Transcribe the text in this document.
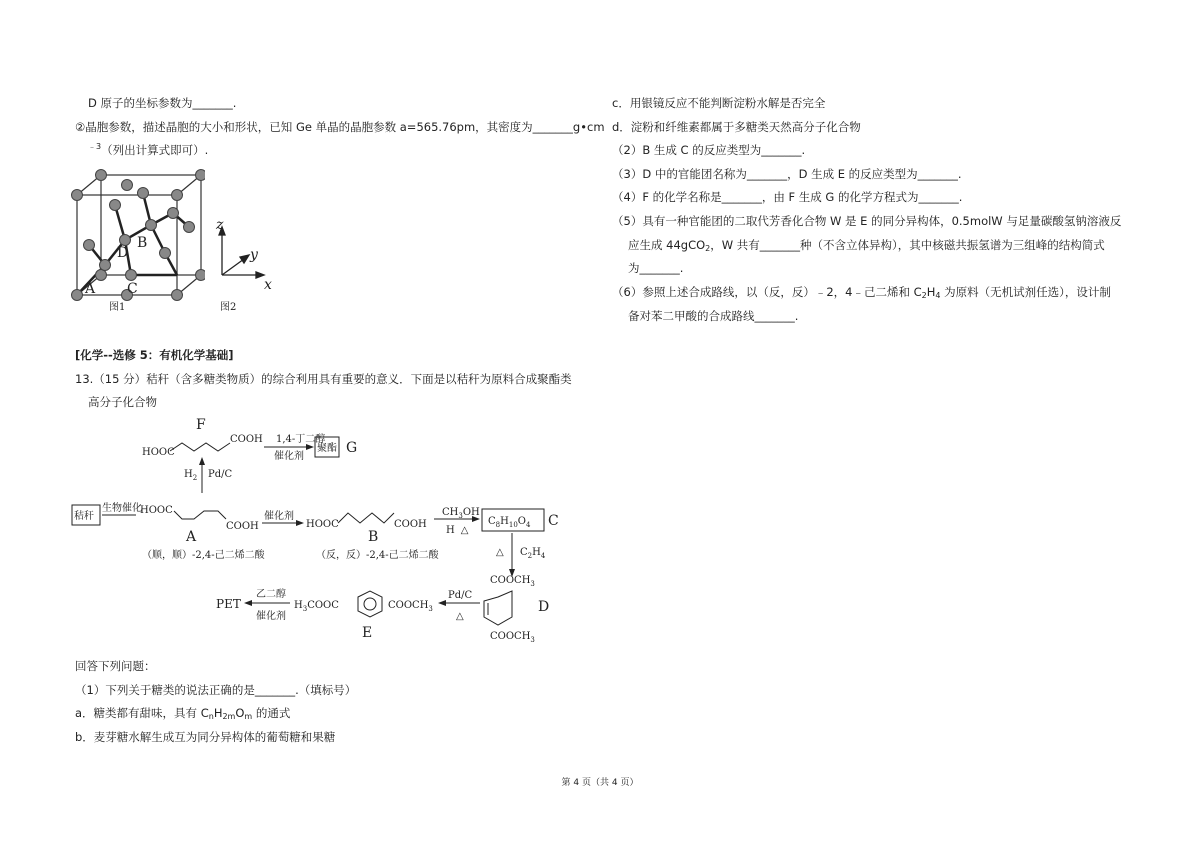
D 原子的坐标参数为_______.
②晶胞参数，描述晶胞的大小和形状，已知 Ge 单晶的晶胞参数 a=565.76pm，其密度为_______g•cm
$^{﹣3}$（列出计算式即可）.
B
D
A C
图1
z
y
x
图2
[化学--选修 5：有机化学基础]
13.（15 分）秸秆（含多糖类物质）的综合利用具有重要的意义．下面是以秸秆为原料合成聚酯类
高分子化合物
F
HOOC
COOH 1,4-丁二醇
催化剂
聚酯 G
$H_2$ Pd/C
秸秆
生物催化
HOOC
COOH
催化剂
HOOC	COOH
$CH_3OH$
H △
$C_8H_{10}O_4$ C
A
（顺，顺）-2,4-己二烯二酸
B
（反，反）-2,4-己二烯二酸	△ $C_2H_4$
$COOCH_3$
$COOCH_3$
D
Pd/C
△
$H_3COOC$	$COOCH_3$
E
乙二醇
催化剂
PET
回答下列问题：
（1）下列关于糖类的说法正确的是_______.（填标号）
a．糖类都有甜味，具有 $C_nH_{2m}O_m$ 的通式
b．麦芽糖水解生成互为同分异构体的葡萄糖和果糖
c．用银镜反应不能判断淀粉水解是否完全
d．淀粉和纤维素都属于多糖类天然高分子化合物
（2）B 生成 C 的反应类型为_______.
（3）D 中的官能团名称为_______，D 生成 E 的反应类型为_______.
（4）F 的化学名称是_______，由 F 生成 G 的化学方程式为_______.
（5）具有一种官能团的二取代芳香化合物 W 是 E 的同分异构体，0.5molW 与足量碳酸氢钠溶液反
应生成 44gCO$_2$，W 共有_______种（不含立体异构），其中核磁共振氢谱为三组峰的结构简式
为_______.
（6）参照上述合成路线，以（反，反）﹣2，4﹣己二烯和 $C_2H_4$ 为原料（无机试剂任选），设计制
备对苯二甲酸的合成路线_______.
第 4 页（共 4 页）
